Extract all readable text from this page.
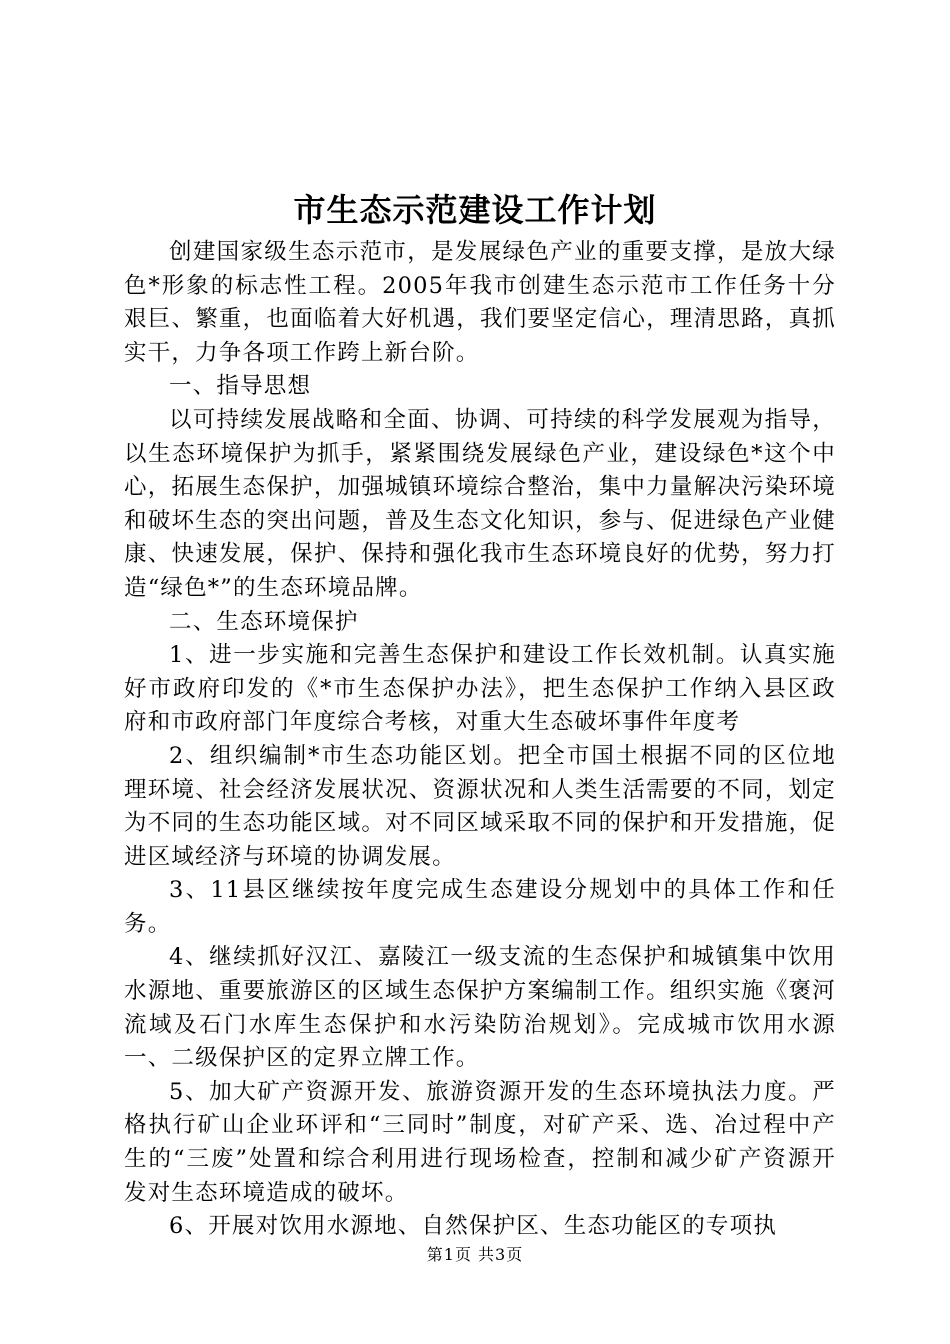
市生态示范建设工作计划

创建国家级生态示范市，是发展绿色产业的重要支撑，是放大绿色*形象的标志性工程。2005年我市创建生态示范市工作任务十分艰巨、繁重，也面临着大好机遇，我们要坚定信心，理清思路，真抓实干，力争各项工作跨上新台阶。

一、指导思想

以可持续发展战略和全面、协调、可持续的科学发展观为指导，以生态环境保护为抓手，紧紧围绕发展绿色产业，建设绿色*这个中心，拓展生态保护，加强城镇环境综合整治，集中力量解决污染环境和破坏生态的突出问题，普及生态文化知识，参与、促进绿色产业健康、快速发展，保护、保持和强化我市生态环境良好的优势，努力打造“绿色*”的生态环境品牌。

二、生态环境保护

1、进一步实施和完善生态保护和建设工作长效机制。认真实施好市政府印发的《*市生态保护办法》，把生态保护工作纳入县区政府和市政府部门年度综合考核，对重大生态破坏事件年度考

2、组织编制*市生态功能区划。把全市国土根据不同的区位地理环境、社会经济发展状况、资源状况和人类生活需要的不同，划定为不同的生态功能区域。对不同区域采取不同的保护和开发措施，促进区域经济与环境的协调发展。

3、11县区继续按年度完成生态建设分规划中的具体工作和任务。

4、继续抓好汉江、嘉陵江一级支流的生态保护和城镇集中饮用水源地、重要旅游区的区域生态保护方案编制工作。组织实施《褒河流域及石门水库生态保护和水污染防治规划》。完成城市饮用水源一、二级保护区的定界立牌工作。

5、加大矿产资源开发、旅游资源开发的生态环境执法力度。严格执行矿山企业环评和“三同时”制度，对矿产采、选、冶过程中产生的“三废”处置和综合利用进行现场检查，控制和减少矿产资源开发对生态环境造成的破坏。

6、开展对饮用水源地、自然保护区、生态功能区的专项执

第1页 共3页
